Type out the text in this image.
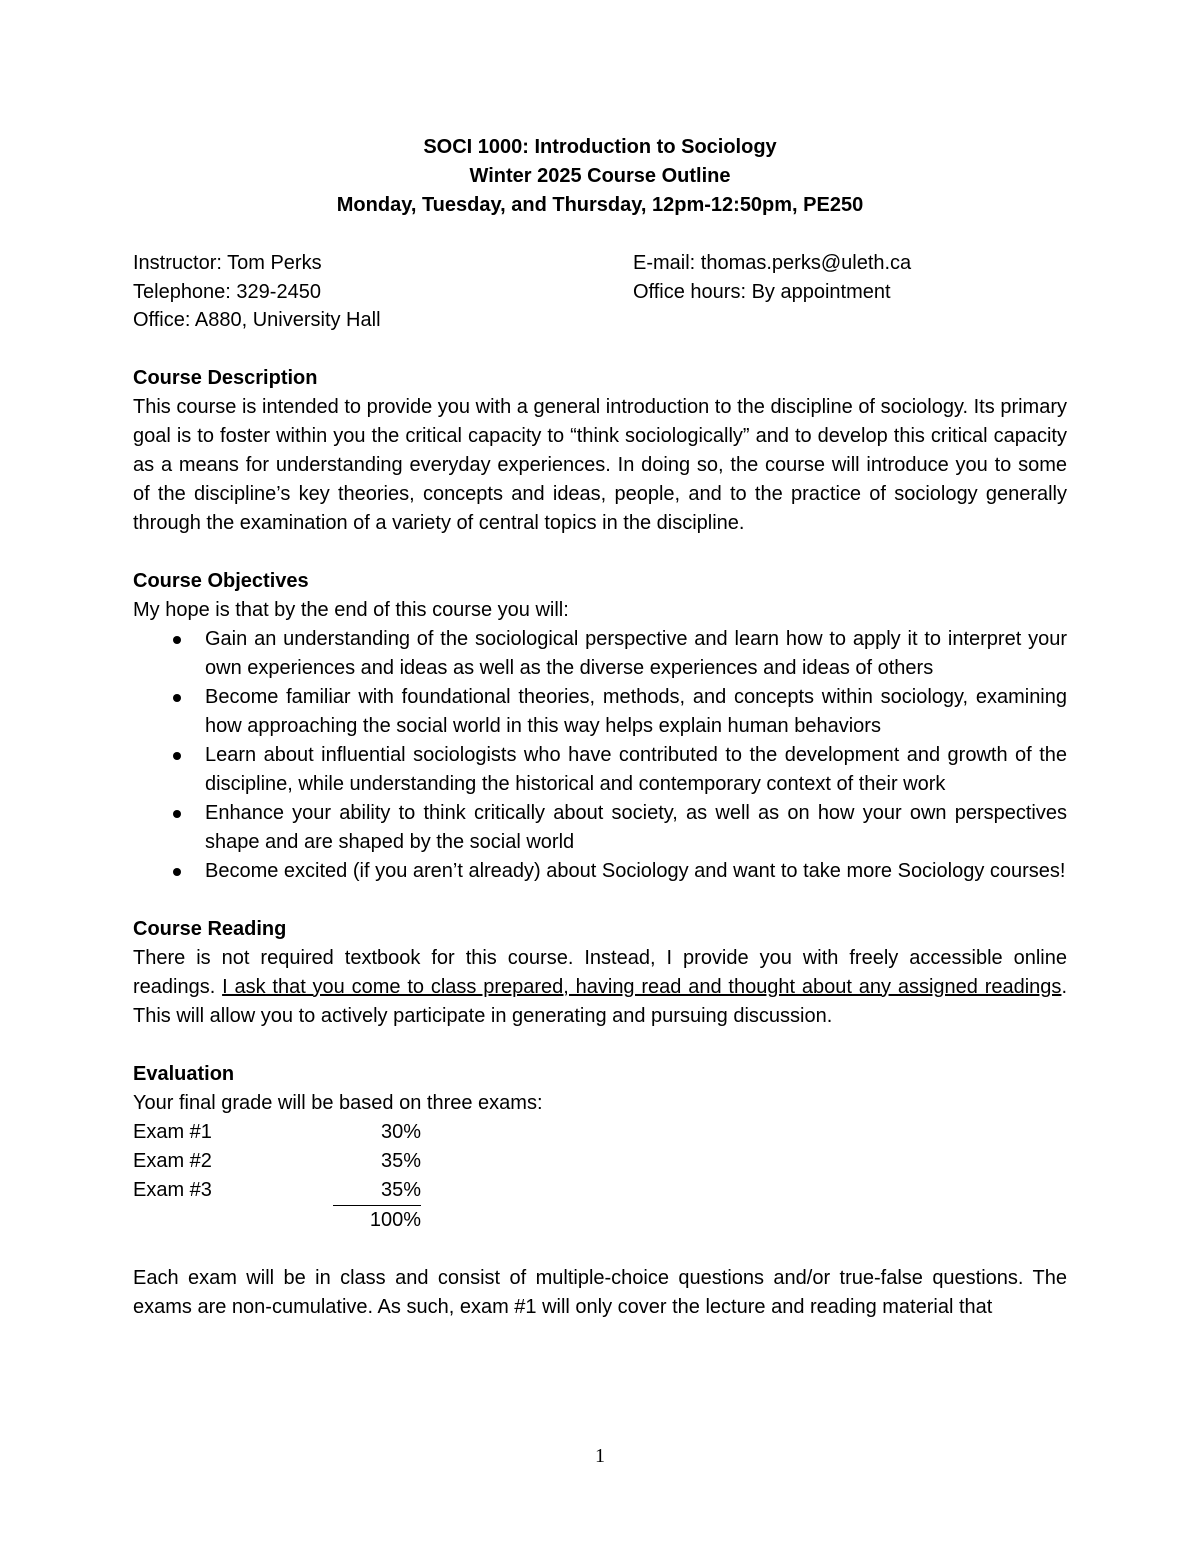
SOCI 1000: Introduction to Sociology
Winter 2025 Course Outline
Monday, Tuesday, and Thursday, 12pm-12:50pm, PE250
Instructor: Tom Perks	E-mail: thomas.perks@uleth.ca
Telephone: 329-2450	Office hours: By appointment
Office: A880, University Hall
Course Description
This course is intended to provide you with a general introduction to the discipline of sociology. Its primary goal is to foster within you the critical capacity to “think sociologically” and to develop this critical capacity as a means for understanding everyday experiences. In doing so, the course will introduce you to some of the discipline’s key theories, concepts and ideas, people, and to the practice of sociology generally through the examination of a variety of central topics in the discipline.
Course Objectives
My hope is that by the end of this course you will:
Gain an understanding of the sociological perspective and learn how to apply it to interpret your own experiences and ideas as well as the diverse experiences and ideas of others
Become familiar with foundational theories, methods, and concepts within sociology, examining how approaching the social world in this way helps explain human behaviors
Learn about influential sociologists who have contributed to the development and growth of the discipline, while understanding the historical and contemporary context of their work
Enhance your ability to think critically about society, as well as on how your own perspectives shape and are shaped by the social world
Become excited (if you aren’t already) about Sociology and want to take more Sociology courses!
Course Reading
There is not required textbook for this course. Instead, I provide you with freely accessible online readings. I ask that you come to class prepared, having read and thought about any assigned readings. This will allow you to actively participate in generating and pursuing discussion.
Evaluation
Your final grade will be based on three exams:
Exam #1	30%
Exam #2	35%
Exam #3	35%
100%
Each exam will be in class and consist of multiple-choice questions and/or true-false questions. The exams are non-cumulative. As such, exam #1 will only cover the lecture and reading material that
1
